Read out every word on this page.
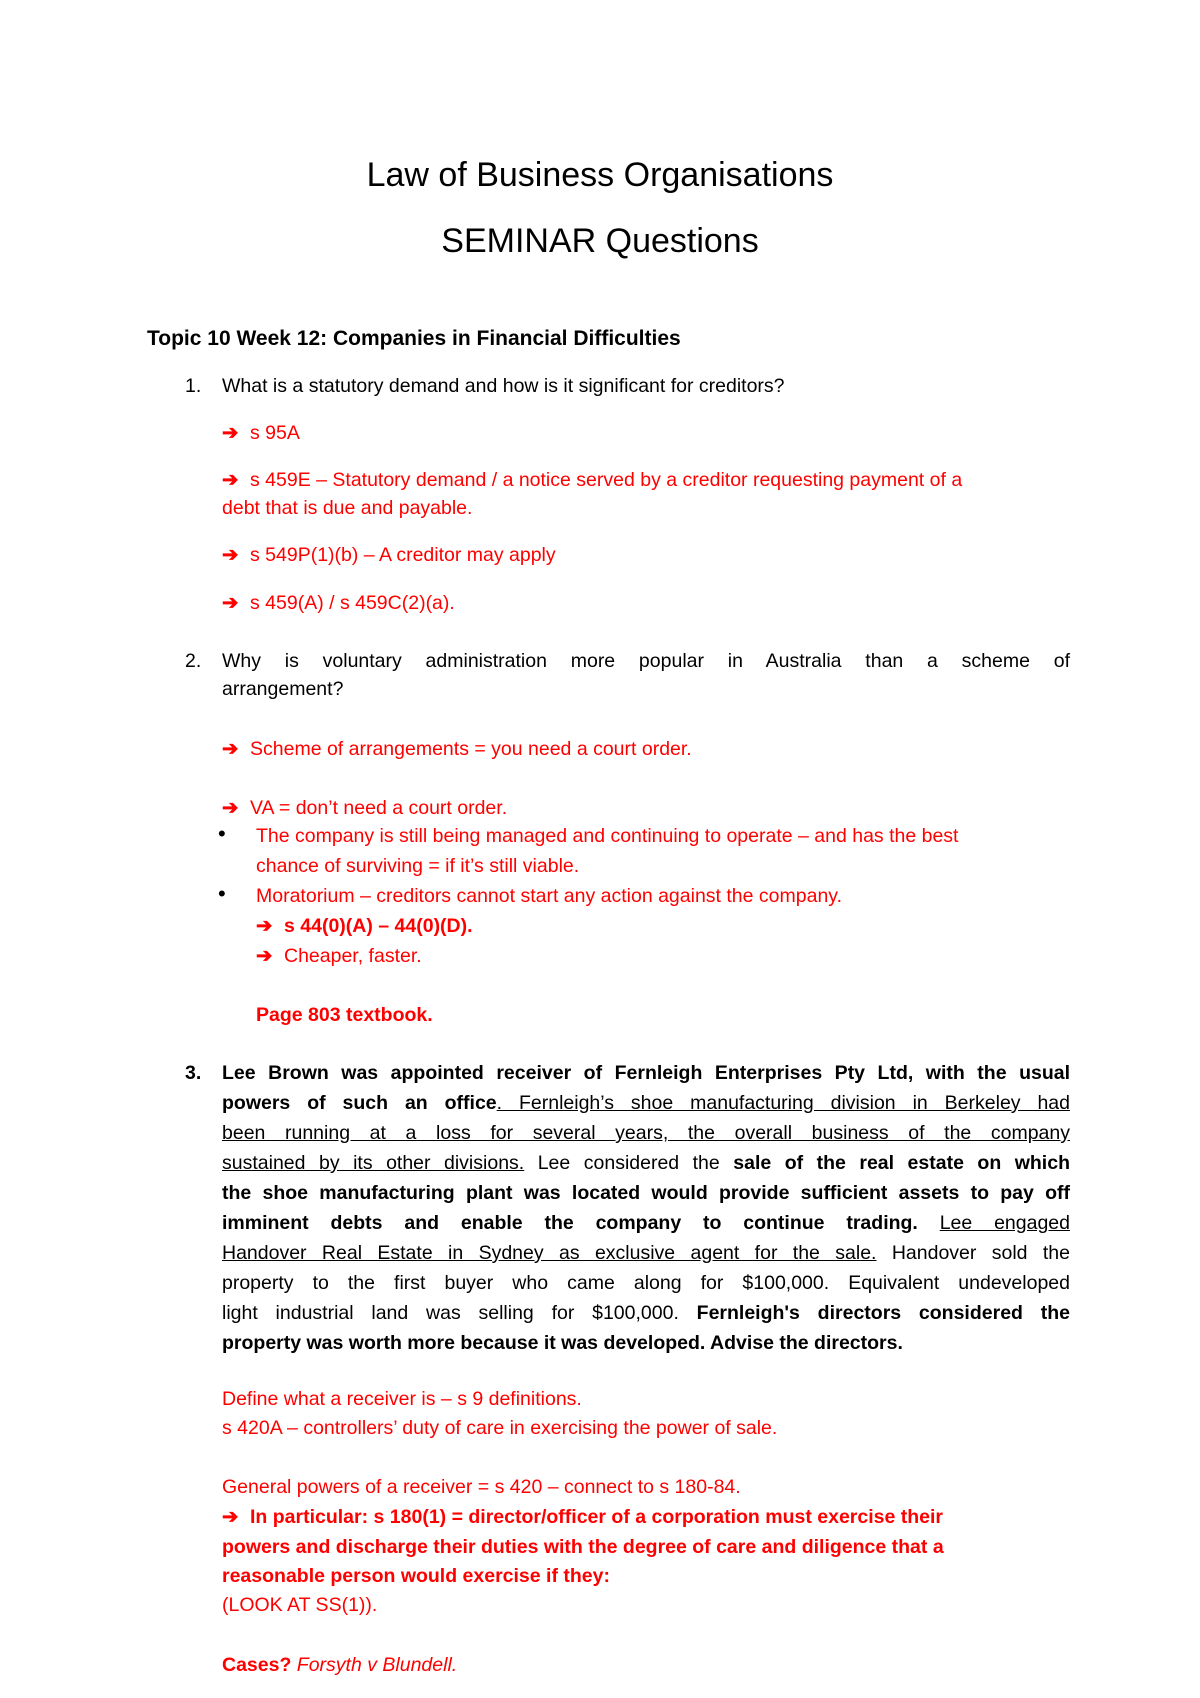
Law of Business Organisations
SEMINAR Questions
Topic 10 Week 12: Companies in Financial Difficulties
1. What is a statutory demand and how is it significant for creditors?
➔ s 95A
➔ s 459E – Statutory demand / a notice served by a creditor requesting payment of a
debt that is due and payable.
➔ s 549P(1)(b) – A creditor may apply
➔ s 459(A) / s 459C(2)(a).
2. Why is voluntary administration more popular in Australia than a scheme of
arrangement?
➔ Scheme of arrangements = you need a court order.
➔ VA = don’t need a court order.
• The company is still being managed and continuing to operate – and has the best
chance of surviving = if it’s still viable.
• Moratorium – creditors cannot start any action against the company.
➔ s 44(0)(A) – 44(0)(D).
➔ Cheaper, faster.
Page 803 textbook.
3. Lee Brown was appointed receiver of Fernleigh Enterprises Pty Ltd, with the usual
powers of such an office. Fernleigh’s shoe manufacturing division in Berkeley had
been running at a loss for several years, the overall business of the company
sustained by its other divisions. Lee considered the sale of the real estate on which
the shoe manufacturing plant was located would provide sufficient assets to pay off
imminent debts and enable the company to continue trading. Lee engaged
Handover Real Estate in Sydney as exclusive agent for the sale. Handover sold the
property to the first buyer who came along for $100,000. Equivalent undeveloped
light industrial land was selling for $100,000. Fernleigh's directors considered the
property was worth more because it was developed. Advise the directors.
Define what a receiver is – s 9 definitions.
s 420A – controllers’ duty of care in exercising the power of sale.
General powers of a receiver = s 420 – connect to s 180-84.
➔ In particular: s 180(1) = director/officer of a corporation must exercise their
powers and discharge their duties with the degree of care and diligence that a
reasonable person would exercise if they:
(LOOK AT SS(1)).
Cases? Forsyth v Blundell.
